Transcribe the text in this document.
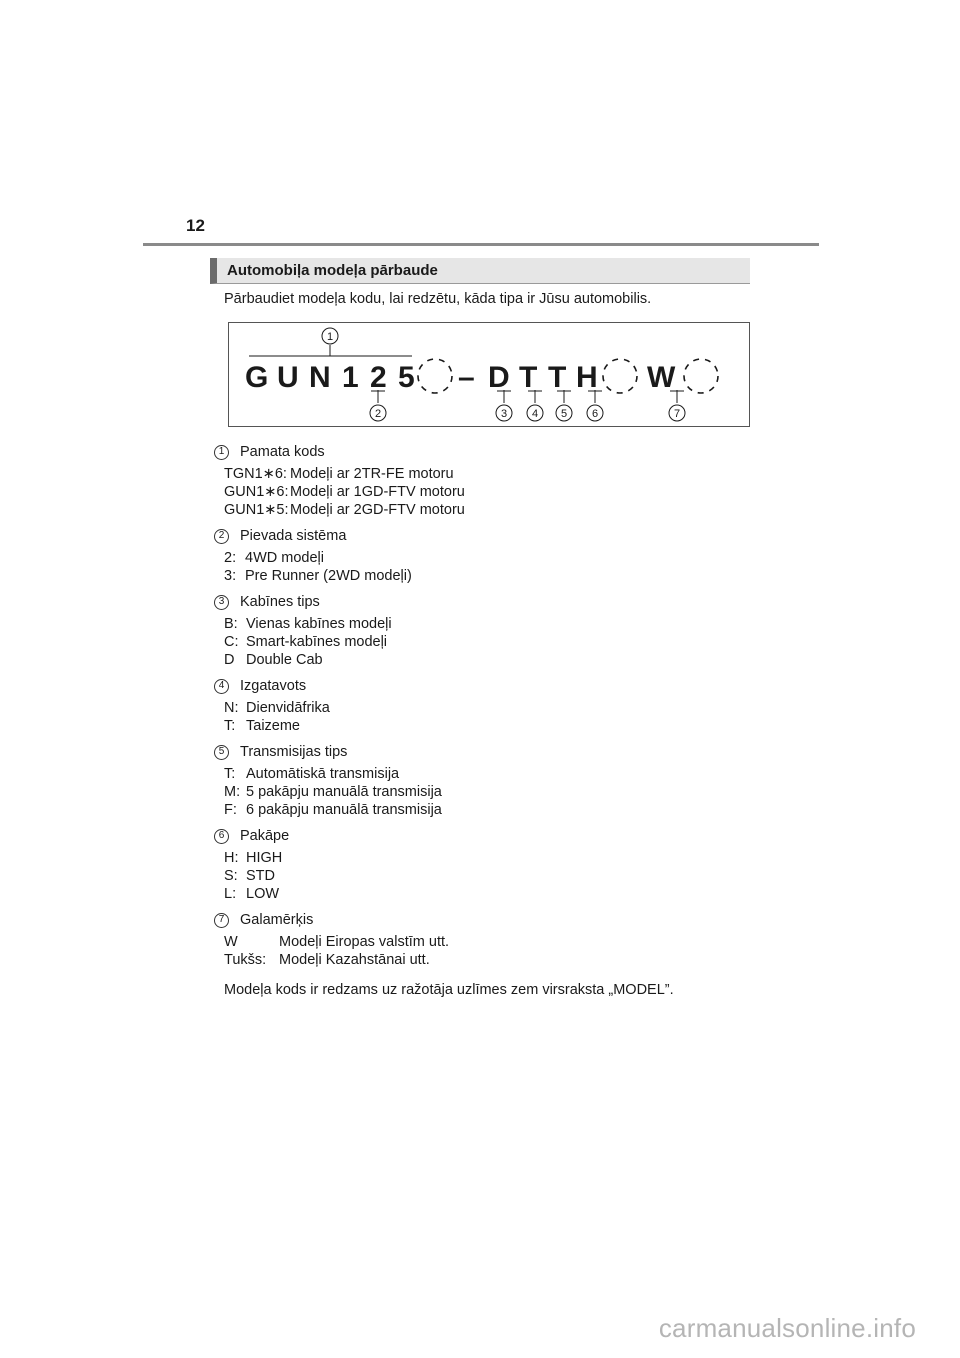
12
Automobiļa modeļa pārbaude
Pārbaudiet modeļa kodu, lai redzētu, kāda tipa ir Jūsu automobilis.
G U N 1 2 5 – D T T H W
1
2	3 4 5 6	7
1	Pamata kods
TGN1∗6: Modeļi ar 2TR-FE motoru
GUN1∗6: Modeļi ar 1GD-FTV motoru
GUN1∗5: Modeļi ar 2GD-FTV motoru
2	Pievada sistēma
2: 4WD modeļi
3: Pre Runner (2WD modeļi)
3	Kabīnes tips
B: Vienas kabīnes modeļi
C: Smart-kabīnes modeļi
D Double Cab
4	Izgatavots
N: Dienvidāfrika
T: Taizeme
5	Transmisijas tips
T: Automātiskā transmisija
M: 5 pakāpju manuālā transmisija
F: 6 pakāpju manuālā transmisija
6	Pakāpe
H: HIGH
S: STD
L: LOW
7	Galamērķis
W	Modeļi Eiropas valstīm utt.
Tukšs: Modeļi Kazahstānai utt.
Modeļa kods ir redzams uz ražotāja uzlīmes zem virsraksta „MODEL”.
carmanualsonline.info
